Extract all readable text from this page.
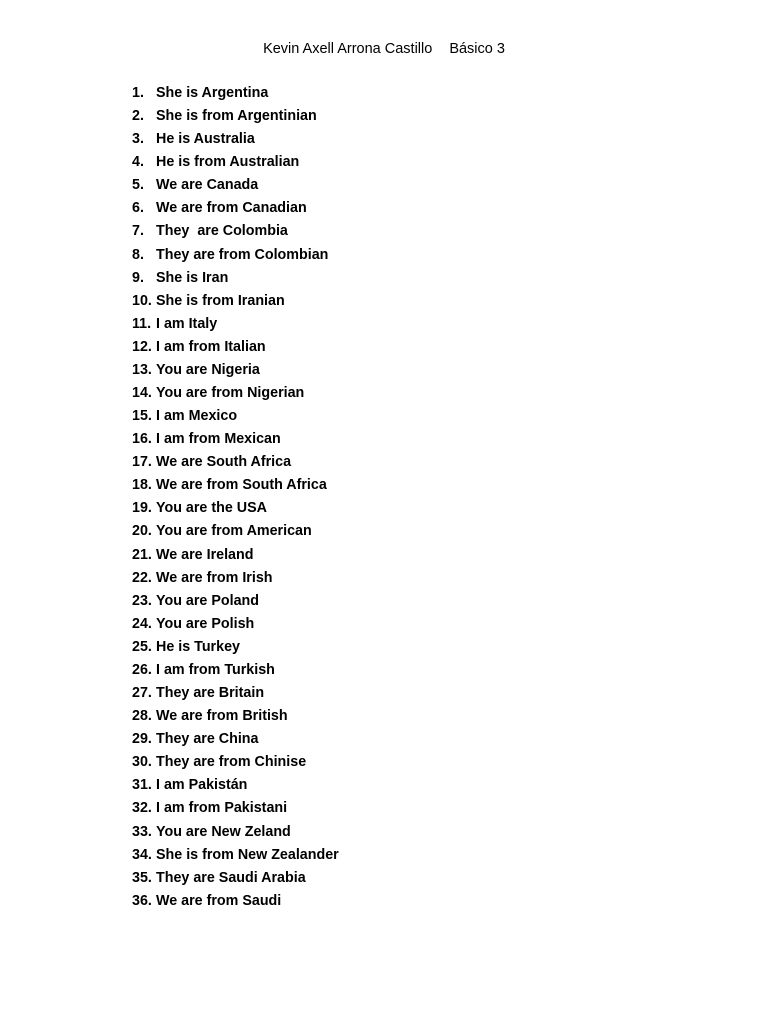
Kevin Axell Arrona Castillo Básico 3
1. She is Argentina
2. She is from Argentinian
3. He is Australia
4. He is from Australian
5. We are Canada
6. We are from Canadian
7. They  are Colombia
8. They are from Colombian
9. She is Iran
10. She is from Iranian
11. I am Italy
12. I am from Italian
13. You are Nigeria
14. You are from Nigerian
15. I am Mexico
16. I am from Mexican
17. We are South Africa
18. We are from South Africa
19. You are the USA
20. You are from American
21. We are Ireland
22. We are from Irish
23. You are Poland
24. You are Polish
25. He is Turkey
26. I am from Turkish
27. They are Britain
28. We are from British
29. They are China
30. They are from Chinise
31. I am Pakistán
32. I am from Pakistani
33. You are New Zeland
34. She is from New Zealander
35. They are Saudi Arabia
36. We are from Saudi
